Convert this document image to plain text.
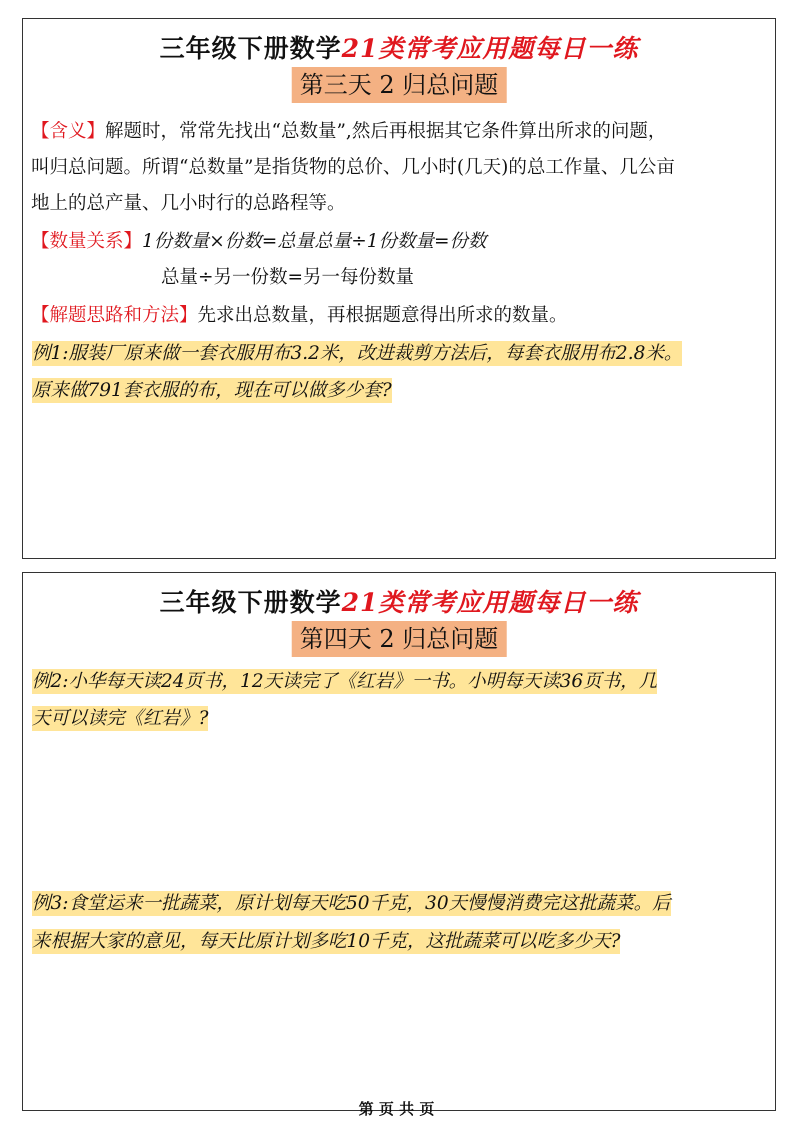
三年级下册数学21类常考应用题每日一练
第三天 2 归总问题
【含义】解题时，常常先找出“总数量”,然后再根据其它条件算出所求的问题，
叫归总问题。所谓“总数量”是指货物的总价、几小时(几天)的总工作量、几公亩
地上的总产量、几小时行的总路程等。
【数量关系】1份数量×份数=总量总量÷1份数量=份数
总量÷另一份数=另一每份数量
【解题思路和方法】先求出总数量，再根据题意得出所求的数量。
例1:服装厂原来做一套衣服用布3.2米，改进裁剪方法后，每套衣服用布2.8米。
原来做791套衣服的布，现在可以做多少套?
三年级下册数学21类常考应用题每日一练
第四天 2 归总问题
例2:小华每天读24页书，12天读完了《红岩》一书。小明每天读36页书，几
天可以读完《红岩》?
例3:食堂运来一批蔬菜，原计划每天吃50千克，30天慢慢消费完这批蔬菜。后
来根据大家的意见，每天比原计划多吃10千克，这批蔬菜可以吃多少天?
第 页 共 页
